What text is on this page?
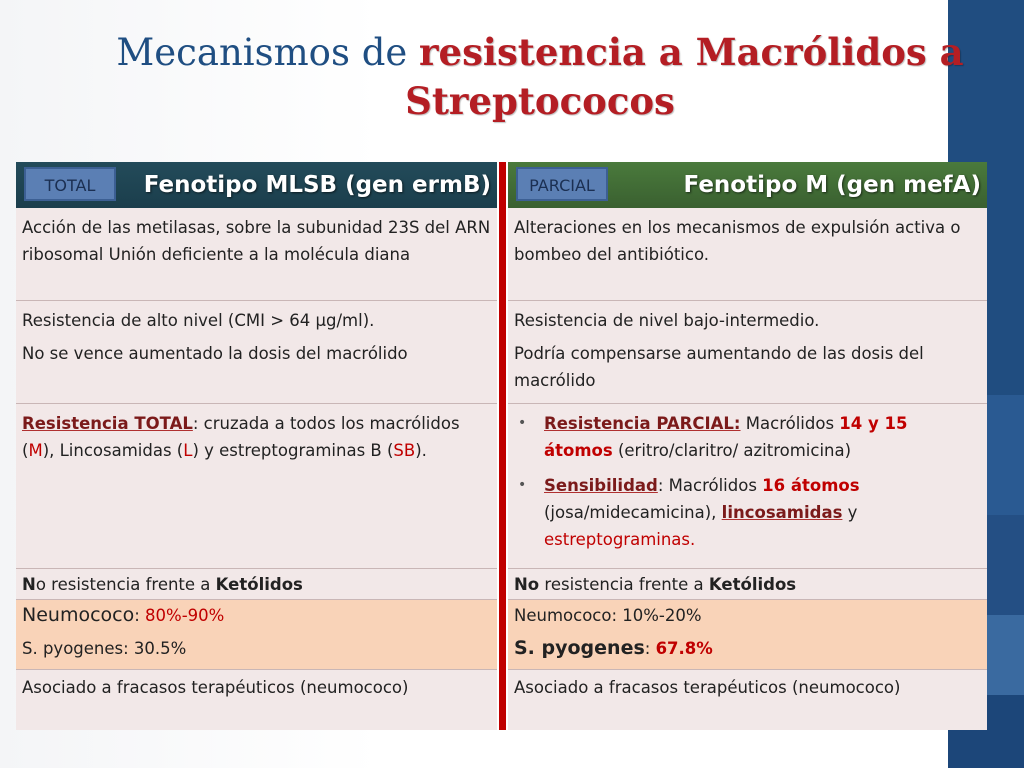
Mecanismos de resistencia a Macrólidos a Streptococos
TOTAL	Fenotipo MLSB (gen ermB)
Acción de las metilasas, sobre la subunidad 23S del ARN ribosomal Unión deficiente a la molécula diana

Resistencia de alto nivel (CMI > 64 µg/ml).

No se vence aumentado la dosis del macrólido

Resistencia TOTAL: cruzada a todos los macrólidos (M), Lincosamidas (L) y estreptograminas B (SB).
No resistencia frente a Ketólidos

Neumococo: 80%-90%

S. pyogenes: 30.5%

Asociado a fracasos terapéuticos (neumococo)
PARCIAL	Fenotipo M (gen mefA)
Alteraciones en los mecanismos de expulsión activa o bombeo del antibiótico.

Resistencia de nivel bajo-intermedio.

Podría compensarse aumentando de las dosis del macrólido

• Resistencia PARCIAL: Macrólidos 14 y 15 átomos (eritro/claritro/ azitromicina)
• Sensibilidad: Macrólidos 16 átomos (josa/midecamicina), lincosamidas y estreptograminas.
No resistencia frente a Ketólidos

Neumococo: 10%-20%

S. pyogenes: 67.8%

Asociado a fracasos terapéuticos (neumococo)
